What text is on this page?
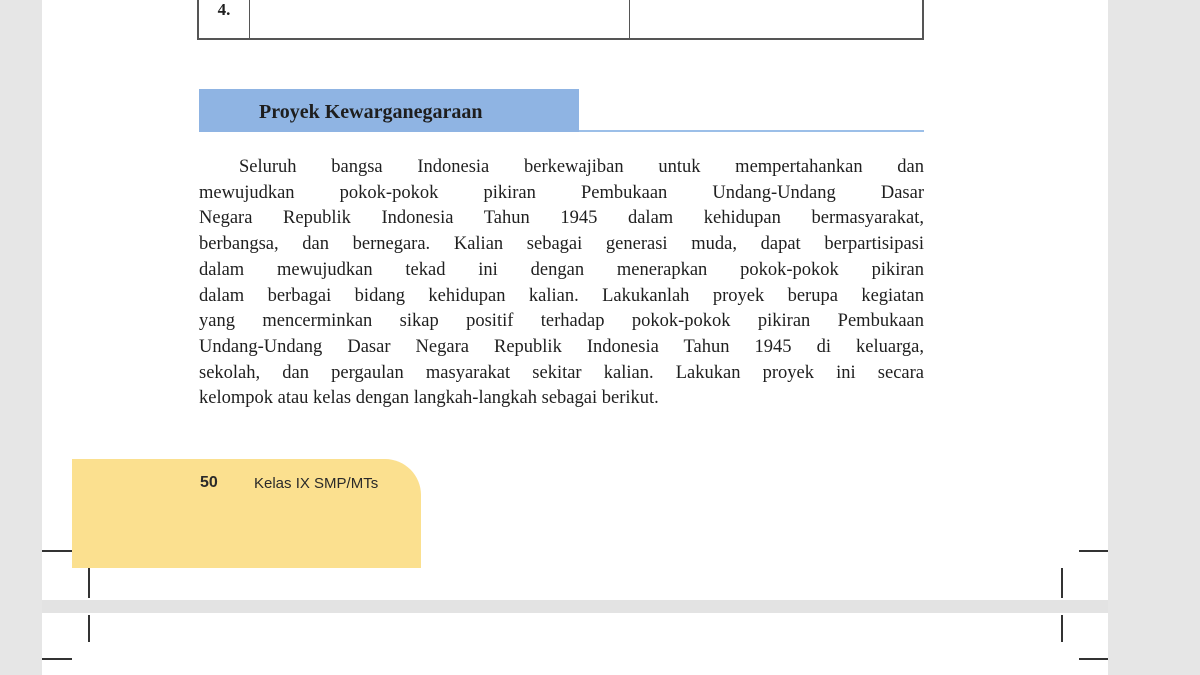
4.
Proyek Kewarganegaraan
Seluruh bangsa Indonesia berkewajiban untuk mempertahankan dan
mewujudkan pokok-pokok pikiran Pembukaan Undang-Undang Dasar
Negara Republik Indonesia Tahun 1945 dalam kehidupan bermasyarakat,
berbangsa, dan bernegara. Kalian sebagai generasi muda, dapat berpartisipasi
dalam mewujudkan tekad ini dengan menerapkan pokok-pokok pikiran
dalam berbagai bidang kehidupan kalian. Lakukanlah proyek berupa kegiatan
yang mencerminkan sikap positif terhadap pokok-pokok pikiran Pembukaan
Undang-Undang Dasar Negara Republik Indonesia Tahun 1945 di keluarga,
sekolah, dan pergaulan masyarakat sekitar kalian. Lakukan proyek ini secara
kelompok atau kelas dengan langkah-langkah sebagai berikut.
50 Kelas IX SMP/MTs
